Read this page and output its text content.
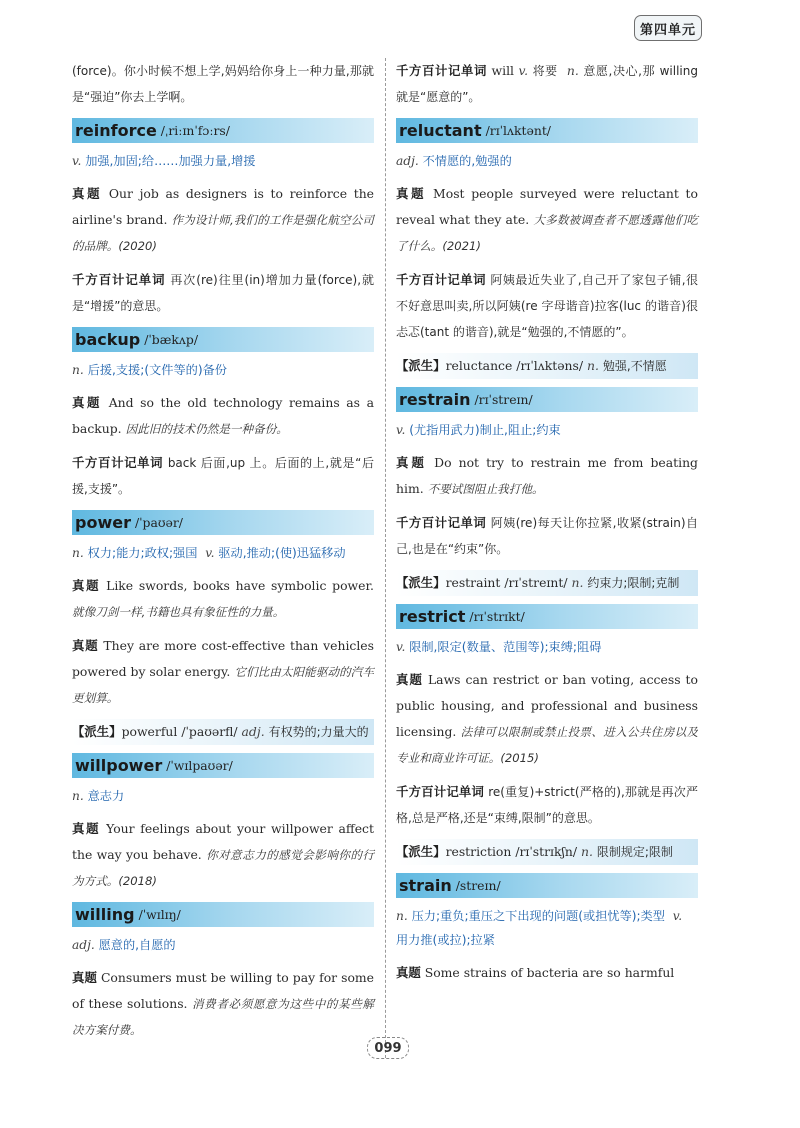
第四单元

(force)。你小时候不想上学,妈妈给你身上一种力量,那就是“强迫”你去上学啊。

reinforce /ˌriːɪnˈfɔːrs/
v. 加强,加固;给……加强力量,增援

真题 Our job as designers is to reinforce the airline's brand. 作为设计师,我们的工作是强化航空公司的品牌。(2020)

千方百计记单词 再次(re)往里(in)增加力量(force),就是“增援”的意思。

backup /ˈbækʌp/
n. 后援,支援;(文件等的)备份

真题 And so the old technology remains as a backup. 因此旧的技术仍然是一种备份。

千方百计记单词 back 后面,up 上。后面的上,就是“后援,支援”。

power /ˈpaʊər/
n. 权力;能力;政权;强国 v. 驱动,推动;(使)迅猛移动

真题 Like swords, books have symbolic power. 就像刀剑一样,书籍也具有象征性的力量。

真题 They are more cost-effective than vehicles powered by solar energy. 它们比由太阳能驱动的汽车更划算。

【派生】powerful /ˈpaʊərfl/ adj. 有权势的;力量大的

willpower /ˈwɪlpaʊər/
n. 意志力

真题 Your feelings about your willpower affect the way you behave. 你对意志力的感觉会影响你的行为方式。(2018)

willing /ˈwɪlɪŋ/
adj. 愿意的,自愿的

真题 Consumers must be willing to pay for some of these solutions. 消费者必须愿意为这些中的某些解决方案付费。

千方百计记单词 will v. 将要 n. 意愿,决心,那 willing 就是“愿意的”。

reluctant /rɪˈlʌktənt/
adj. 不情愿的,勉强的

真题 Most people surveyed were reluctant to reveal what they ate. 大多数被调查者不愿透露他们吃了什么。(2021)

千方百计记单词 阿姨最近失业了,自己开了家包子铺,很不好意思叫卖,所以阿姨(re 字母谐音)拉客(luc 的谐音)很忐忑(tant 的谐音),就是“勉强的,不情愿的”。

【派生】reluctance /rɪˈlʌktəns/ n. 勉强,不情愿

restrain /rɪˈstreɪn/
v. (尤指用武力)制止,阻止;约束

真题 Do not try to restrain me from beating him. 不要试图阻止我打他。

千方百计记单词 阿姨(re)每天让你拉紧,收紧(strain)自己,也是在“约束”你。

【派生】restraint /rɪˈstreɪnt/ n. 约束力;限制;克制

restrict /rɪˈstrɪkt/
v. 限制,限定(数量、范围等);束缚;阻碍

真题 Laws can restrict or ban voting, access to public housing, and professional and business licensing. 法律可以限制或禁止投票、进入公共住房以及专业和商业许可证。(2015)

千方百计记单词 re(重复)+strict(严格的),那就是再次严格,总是严格,还是“束缚,限制”的意思。

【派生】restriction /rɪˈstrɪkʃn/ n. 限制规定;限制

strain /streɪn/
n. 压力;重负;重压之下出现的问题(或担忧等);类型 v. 用力推(或拉);拉紧

真题 Some strains of bacteria are so harmful

099
